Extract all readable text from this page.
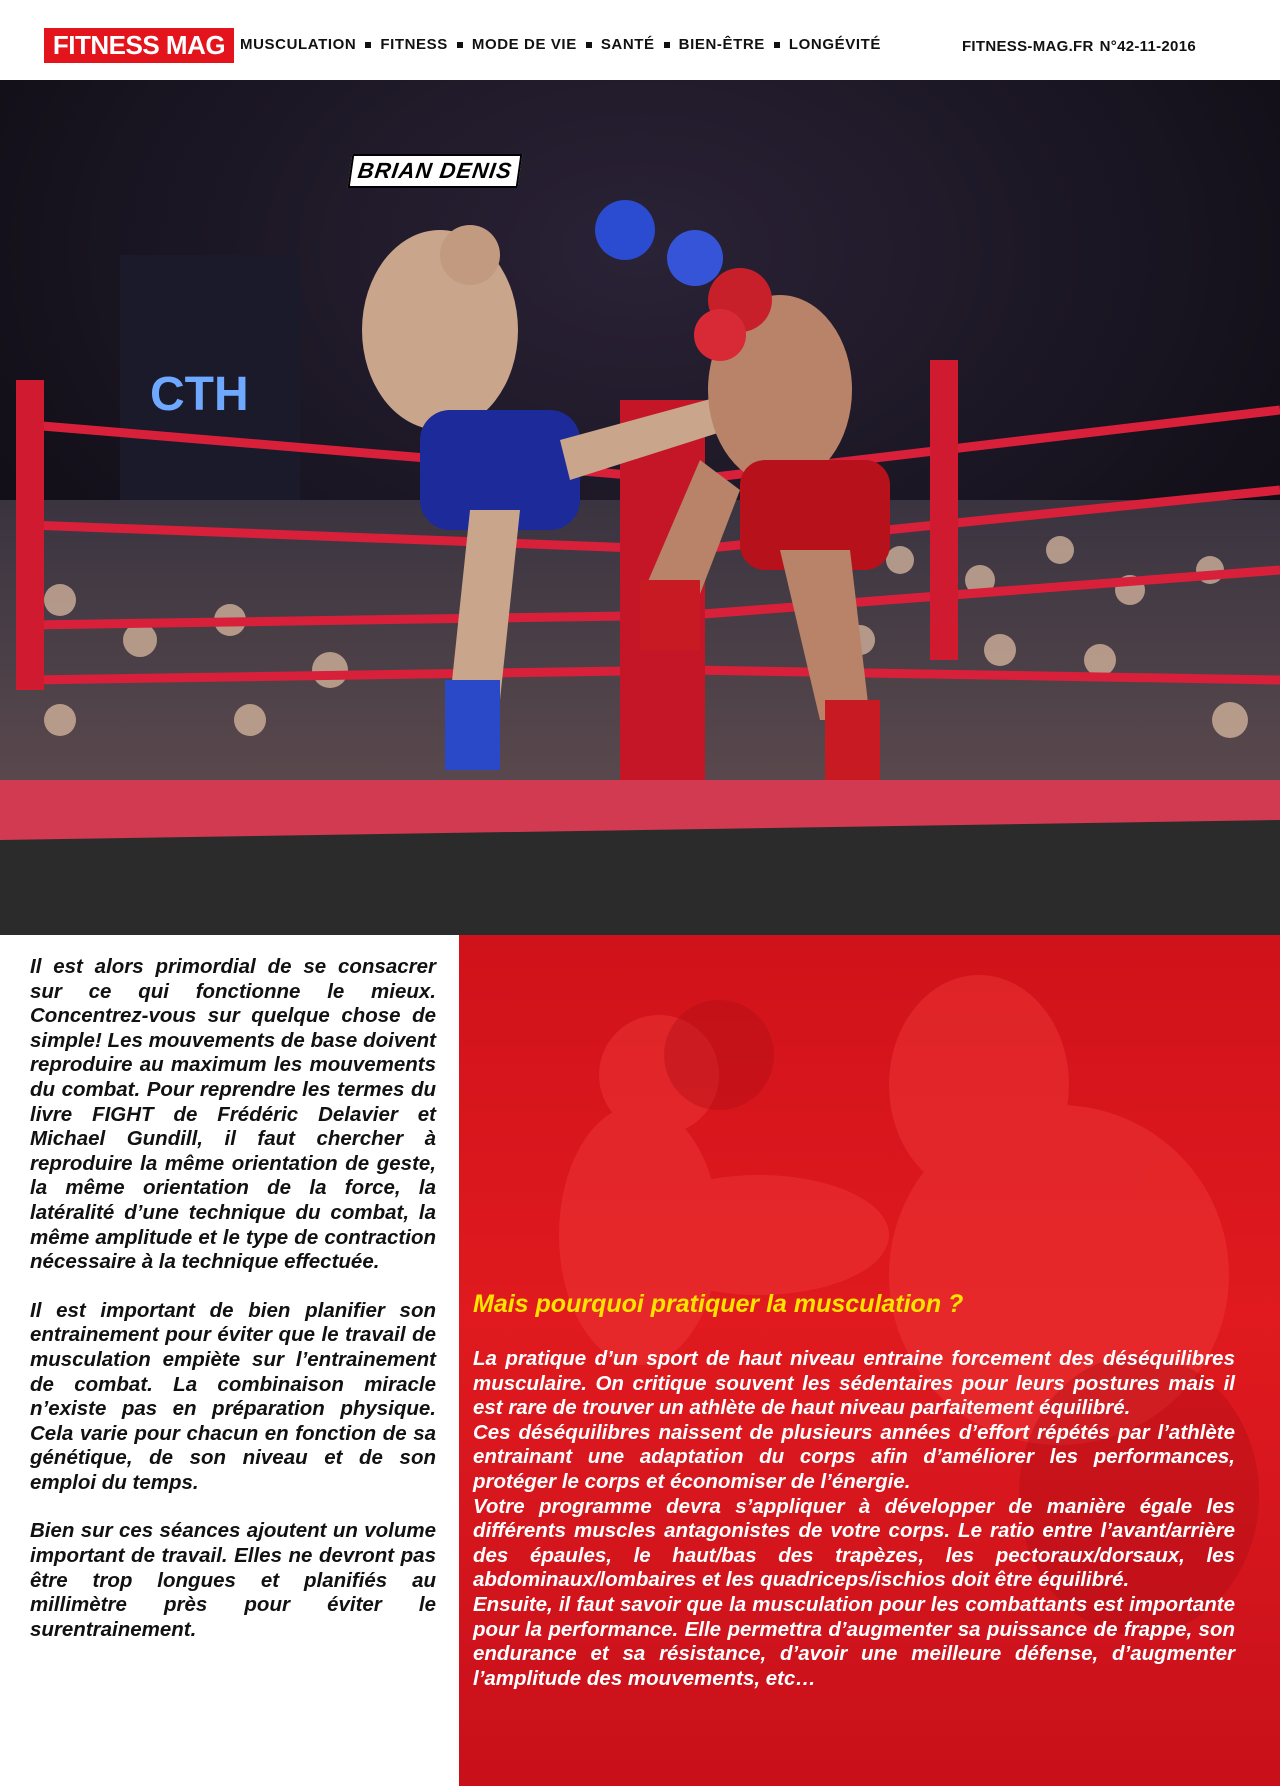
FITNESS MAG MUSCULATION FITNESS MODE DE VIE SANTÉ BIEN-ÊTRE LONGÉVITÉ	FITNESS-MAG.FR N°42-11-2016
CTH
BRIAN DENIS

Il est alors primordial de se consacrer sur ce qui fonctionne le mieux. Concentrez-vous sur quelque chose de simple! Les mouvements de base doivent reproduire au maximum les mouvements du combat. Pour reprendre les termes du livre FIGHT de Frédéric Delavier et Michael Gundill, il faut chercher à reproduire la même orientation de geste, la même orientation de la force, la latéralité d’une technique du combat, la même amplitude et le type de contraction nécessaire à la technique effectuée.

Il est important de bien planifier son entrainement pour éviter que le travail de musculation empiète sur l’entrainement de combat. La combinaison miracle n’existe pas en préparation physique. Cela varie pour chacun en fonction de sa génétique, de son niveau et de son emploi du temps.

Bien sur ces séances ajoutent un volume important de travail. Elles ne devront pas être trop longues et planifiés au millimètre près pour éviter le surentrainement.

Mais pourquoi pratiquer la musculation ?

La pratique d’un sport de haut niveau entraine forcement des déséquilibres musculaire. On critique souvent les sédentaires pour leurs postures mais il est rare de trouver un athlète de haut niveau parfaitement équilibré.

Ces déséquilibres naissent de plusieurs années d’effort répétés par l’athlète entrainant une adaptation du corps afin d’améliorer les performances, protéger le corps et économiser de l’énergie.

Votre programme devra s’appliquer à développer de manière égale les différents muscles antagonistes de votre corps. Le ratio entre l’avant/arrière des épaules, le haut/bas des trapèzes, les pectoraux/dorsaux, les abdominaux/lombaires et les quadriceps/ischios doit être équilibré.

Ensuite, il faut savoir que la musculation pour les combattants est importante pour la performance. Elle permettra d’augmenter sa puissance de frappe, son endurance et sa résistance, d’avoir une meilleure défense, d’augmenter l’amplitude des mouvements, etc…
